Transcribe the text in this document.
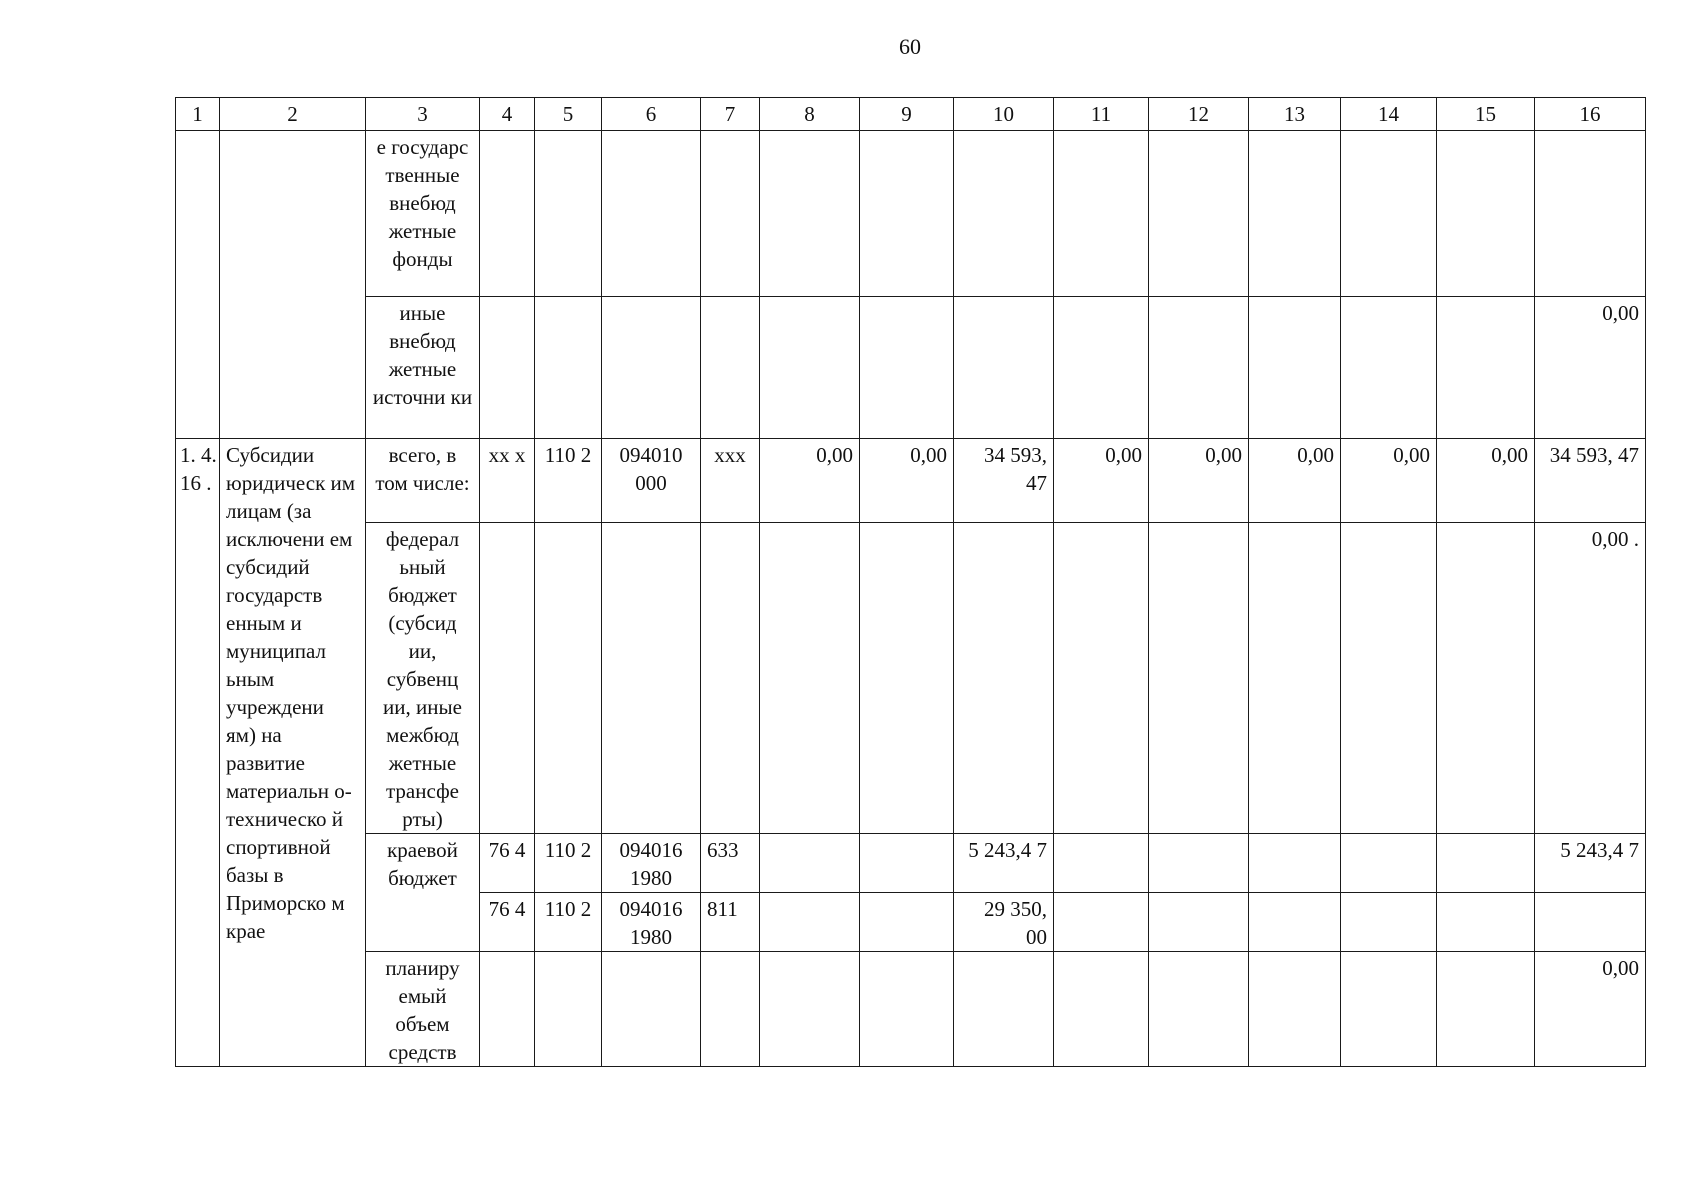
60
1	2	3	4	5	6	7	8	9	10	11	12	13	14	15	16
		е государс твенные внебюд жетные фонды													
		иные внебюд жетные источни ки													0,00
1. 4. 16 .	Субсидии юридическ им лицам (за исключени ем субсидий государств енным и муниципал ьным учреждени ям) на развитие материальн о- техническо й спортивной базы в Приморско м крае	всего, в том числе:	хх х	110 2	094010 000	ххх	0,00	0,00	34 593, 47	0,00	0,00	0,00	0,00	0,00	34 593, 47
		федерал ьный бюджет (субсид ии, субвенц ии, иные межбюд жетные трансфе рты)													0,00 .
		краевой бюджет	76 4	110 2	094016 1980	633			5 243,4 7						5 243,4 7
			76 4	110 2	094016 1980	811			29 350, 00						
		планиру емый объем средств													0,00
